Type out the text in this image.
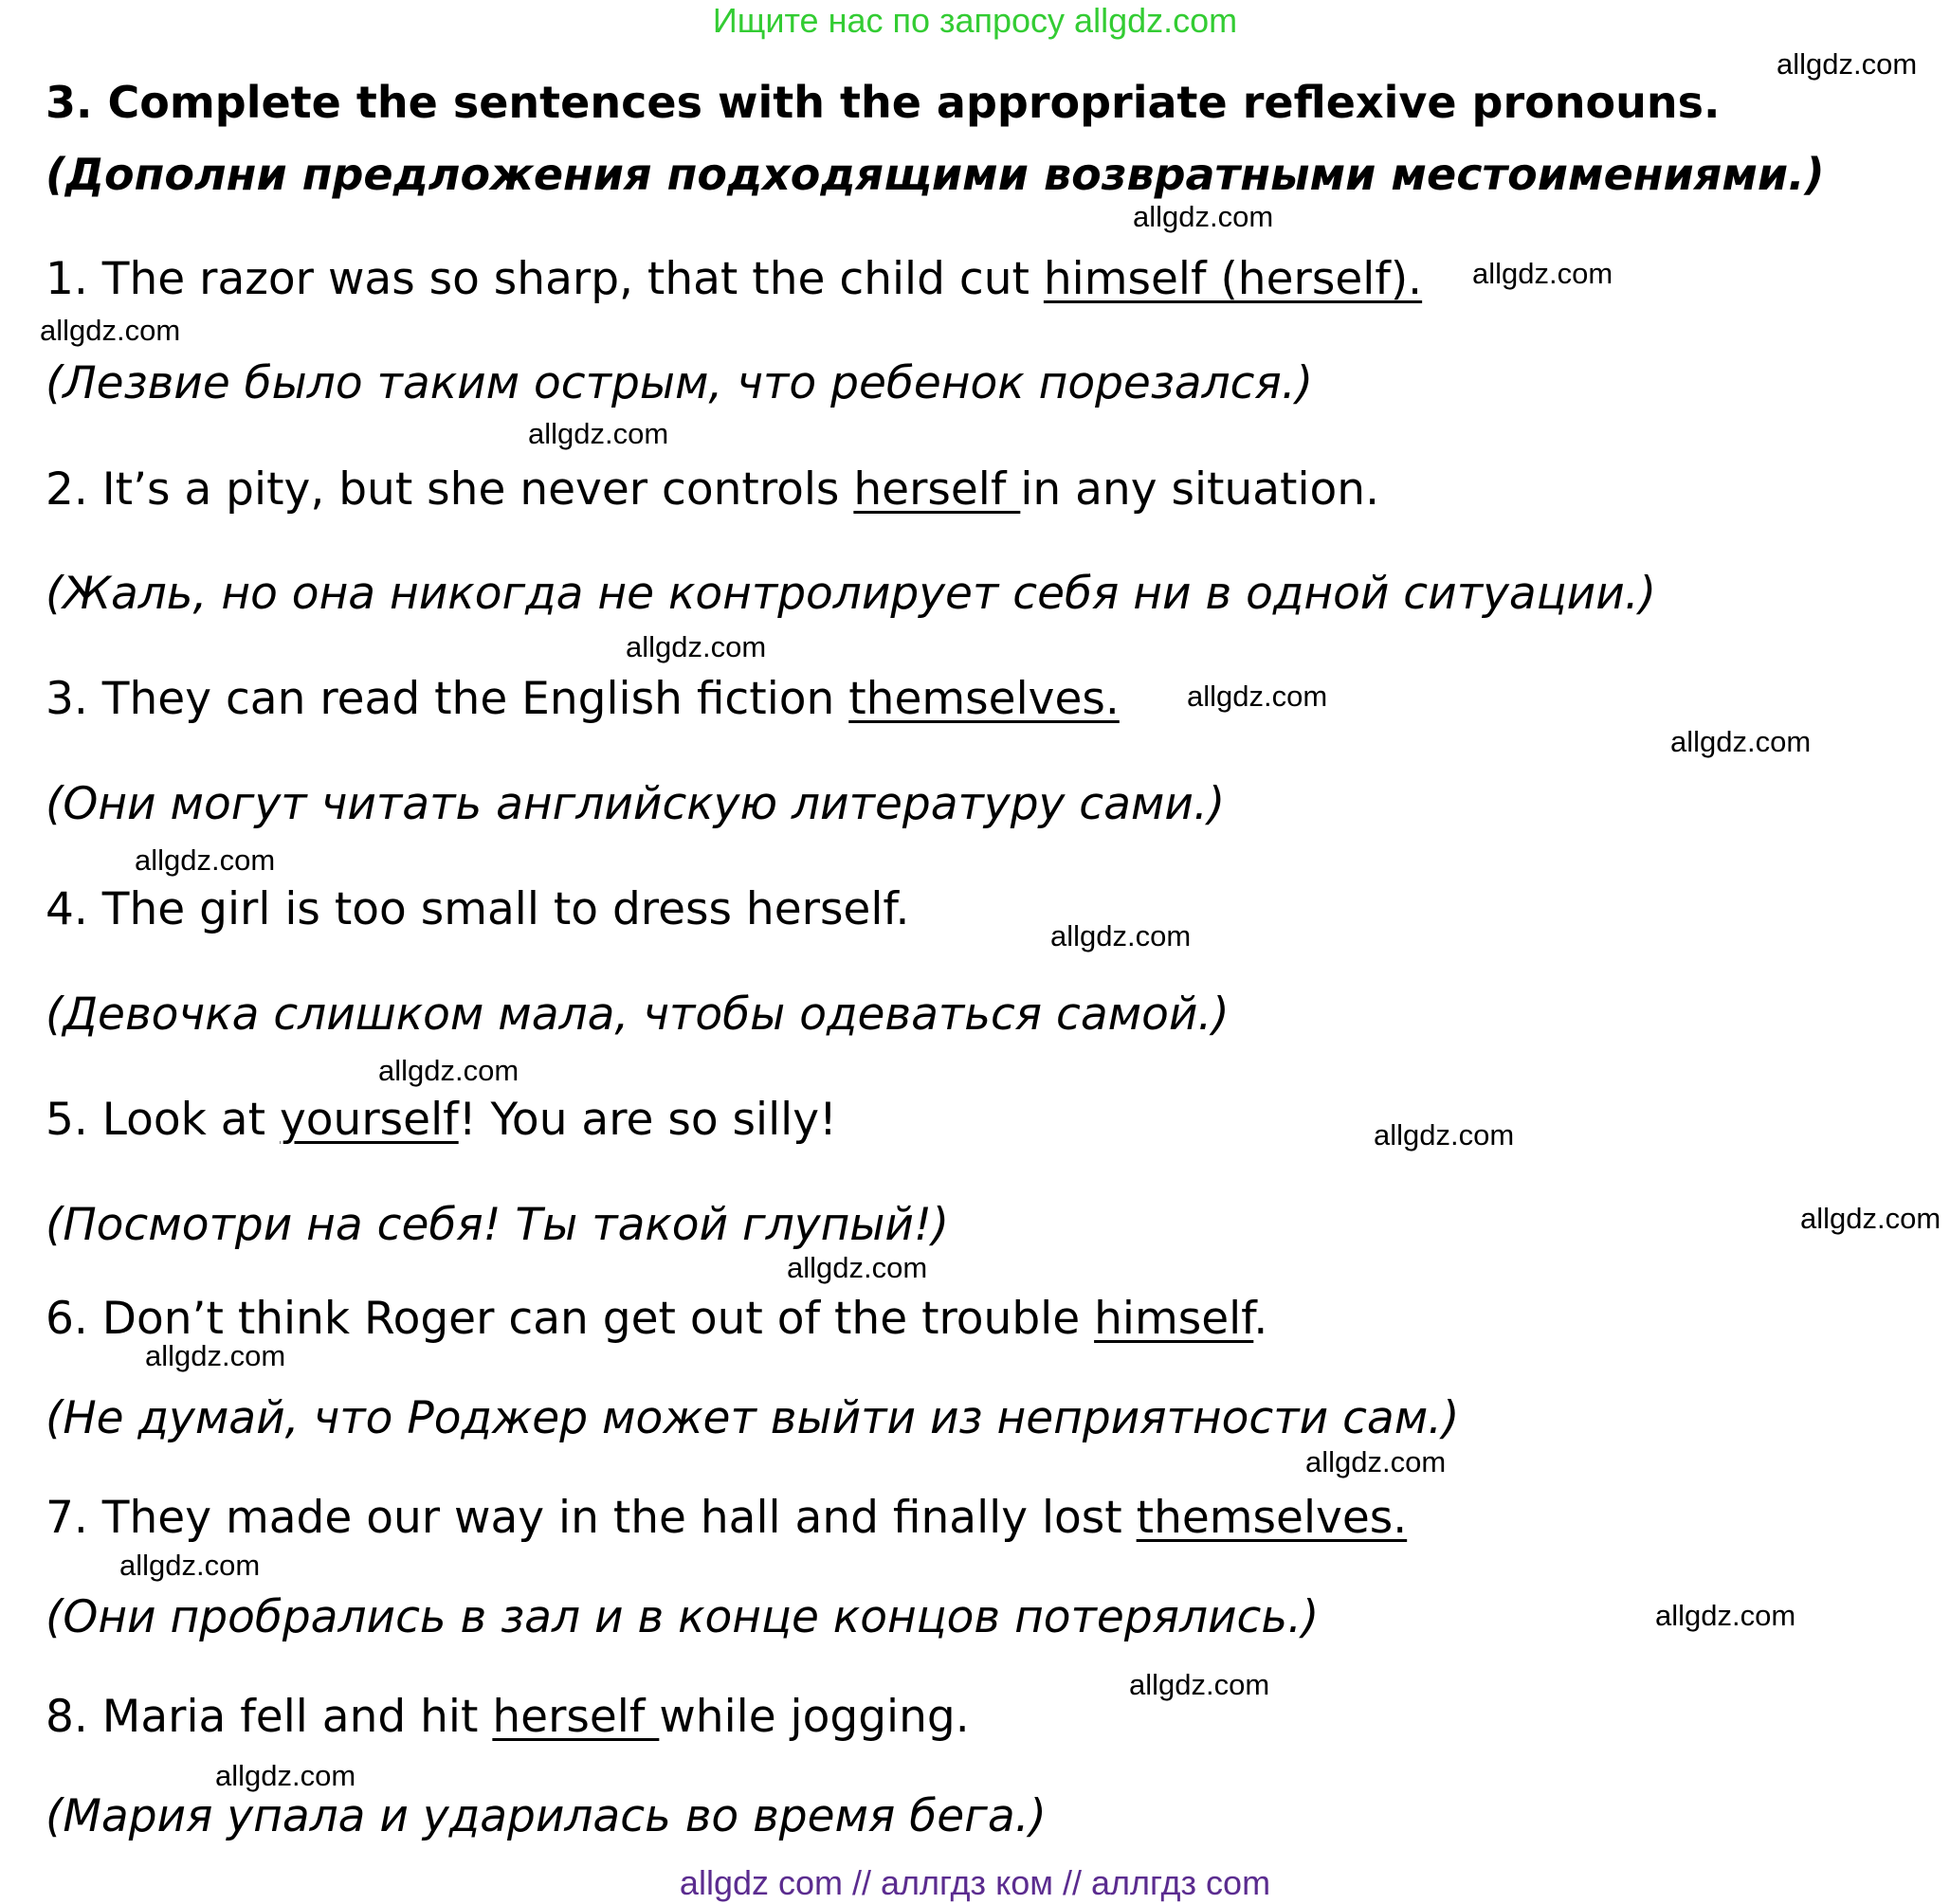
Ищите нас по запросу allgdz.com
3. Complete the sentences with the appropriate reflexive pronouns. (Дополни предложения подходящими возвратными местоимениями.)
1. The razor was so sharp, that the child cut himself (herself).
(Лезвие было таким острым, что ребенок порезался.)
2. It’s a pity, but she never controls herself in any situation.
(Жаль, но она никогда не контролирует себя ни в одной ситуации.)
3. They can read the English fiction themselves.
(Они могут читать английскую литературу сами.)
4. The girl is too small to dress herself.
(Девочка слишком мала, чтобы одеваться самой.)
5. Look at yourself! You are so silly!
(Посмотри на себя! Ты такой глупый!)
6. Don’t think Roger can get out of the trouble himself.
(Не думай, что Роджер может выйти из неприятности сам.)
7. They made our way in the hall and finally lost themselves.
(Они пробрались в зал и в конце концов потерялись.)
8. Maria fell and hit herself while jogging.
(Мария упала и ударилась во время бега.)
allgdz.com
allgdz.com
allgdz.com
allgdz.com
allgdz.com
allgdz.com
allgdz.com
allgdz.com
allgdz.com
allgdz.com
allgdz.com
allgdz.com
allgdz.com
allgdz.com
allgdz.com
allgdz.com
allgdz.com
allgdz.com
allgdz.com
allgdz.com
allgdz com // аллгдз ком // аллгдз com
